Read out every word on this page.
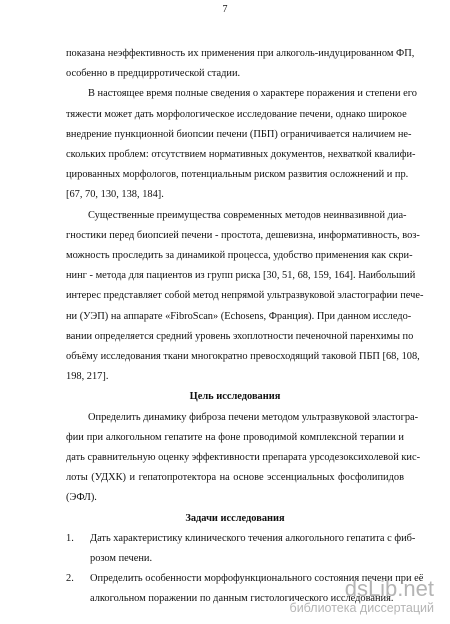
7
показана неэффективность их применения при алкоголь-индуцированном ФП,
особенно в предцирротической стадии.
В настоящее время полные сведения о характере поражения и степени его
тяжести может дать морфологическое исследование печени, однако широкое
внедрение пункционной биопсии печени (ПБП) ограничивается наличием не-
скольких проблем: отсутствием нормативных документов, нехваткой квалифи-
цированных морфологов, потенциальным риском развития осложнений и пр.
[67, 70, 130, 138, 184].
Существенные преимущества современных методов неинвазивной диа-
гностики перед биопсией печени - простота, дешевизна, информативность, воз-
можность проследить за динамикой процесса, удобство применения как скри-
нинг - метода для пациентов из групп риска [30, 51, 68, 159, 164]. Наибольший
интерес представляет собой метод непрямой ультразвуковой эластографии пече-
ни (УЭП) на аппарате «FibroScan» (Echosens, Франция). При данном исследо-
вании определяется средний уровень эхоплотности печеночной паренхимы по
объёму исследования ткани многократно превосходящий таковой ПБП [68, 108,
198, 217].
Цель исследования
Определить динамику фиброза печени методом ультразвуковой эластогра-
фии при алкогольном гепатите на фоне проводимой комплексной терапии и
дать сравнительную оценку эффективности препарата урсодезоксихолевой кис-
лоты (УДХК) и гепатопротектора на основе эссенциальных фосфолипидов
(ЭФЛ).
Задачи исследования
1.	Дать характеристику клинического течения алкогольного гепатита с фиб-
розом печени.
2.	Определить особенности морфофункционального состояния печени при её
алкогольном поражении по данным гистологического исследования.
dsLib.net
библиотека диссертаций
